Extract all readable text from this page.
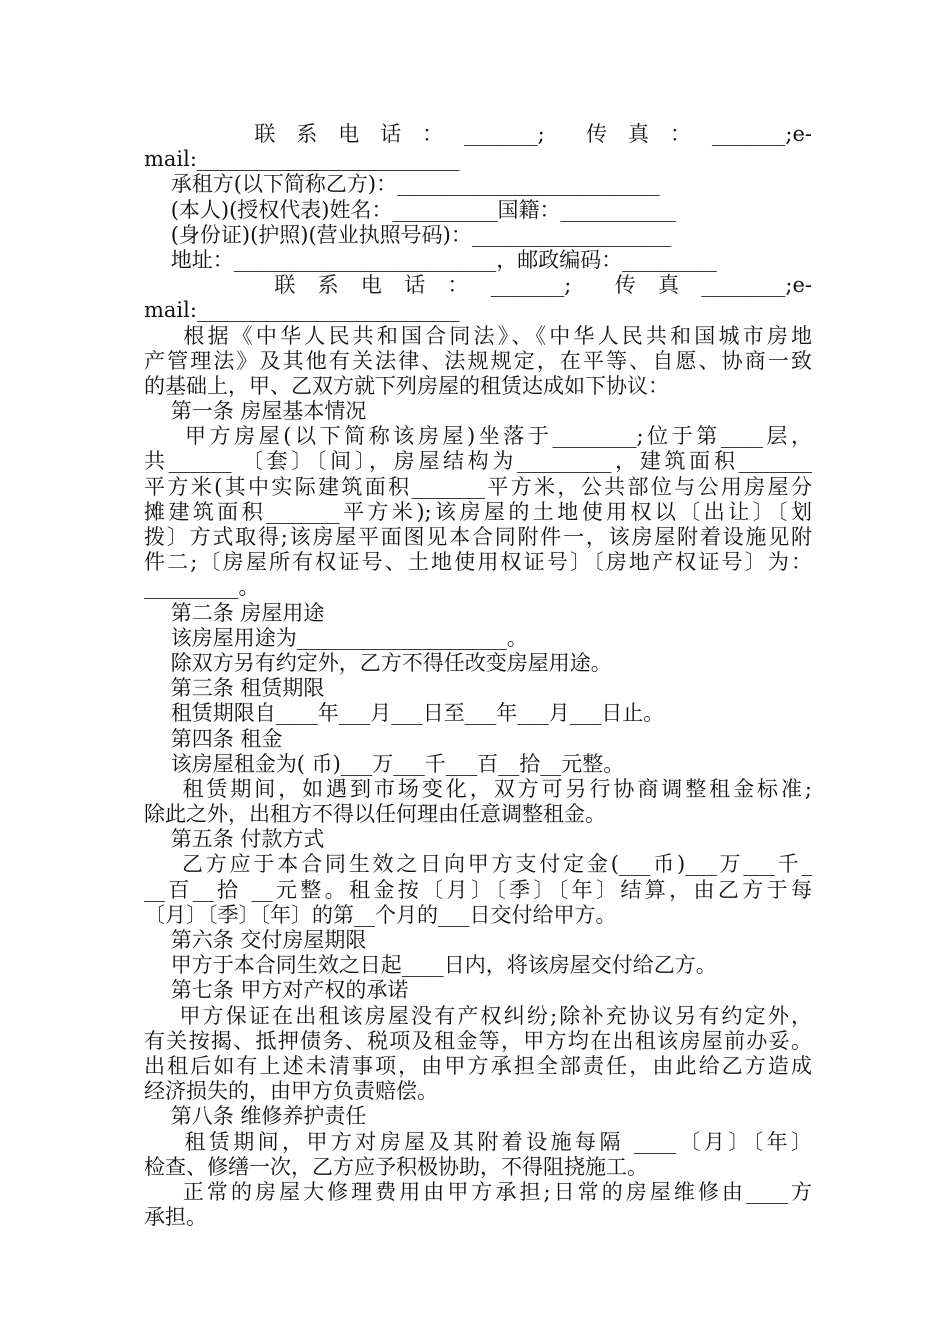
联 系 电 话 ： _______;   传 真 ： _______;e-
mail:_________________________
承租方(以下简称乙方)：_________________________
(本人)(授权代表)姓名：__________国籍：___________
(身份证)(护照)(营业执照号码)：___________________
地址：_________________________，邮政编码：_________
联 系 电 话 ： _______;   传 真 ________;e-
mail:_________________________
根据《中华人民共和国合同法》、《中华人民共和国城市房地
产管理法》及其他有关法律、法规规定，在平等、自愿、协商一致
的基础上，甲、乙双方就下列房屋的租赁达成如下协议：
第一条 房屋基本情况
甲方房屋(以下简称该房屋)坐落于________;位于第____层，
共______ 〔套〕〔间〕，房屋结构为_________，建筑面积_______
平方米(其中实际建筑面积_______平方米，公共部位与公用房屋分
摊建筑面积_______平方米);该房屋的土地使用权以〔出让〕〔划
拨〕方式取得;该房屋平面图见本合同附件一，该房屋附着设施见附
件二;〔房屋所有权证号、土地使用权证号〕〔房地产权证号〕为：
_________。
第二条 房屋用途
该房屋用途为____________________。
除双方另有约定外，乙方不得任改变房屋用途。
第三条 租赁期限
租赁期限自____年___月___日至___年___月___日止。
第四条 租金
该房屋租金为( 币)___万___千___百__拾__元整。
租赁期间，如遇到市场变化，双方可另行协商调整租金标准;
除此之外，出租方不得以任何理由任意调整租金。
第五条 付款方式
乙方应于本合同生效之日向甲方支付定金(___币)___万___千_
__百__拾 __元整。租金按〔月〕〔季〕〔年〕结算，由乙方于每
〔月〕〔季〕〔年〕的第__个月的___日交付给甲方。
第六条 交付房屋期限
甲方于本合同生效之日起____日内，将该房屋交付给乙方。
第七条 甲方对产权的承诺
甲方保证在出租该房屋没有产权纠纷;除补充协议另有约定外，
有关按揭、抵押债务、税项及租金等，甲方均在出租该房屋前办妥。
出租后如有上述未清事项，由甲方承担全部责任，由此给乙方造成
经济损失的，由甲方负责赔偿。
第八条 维修养护责任
租赁期间，甲方对房屋及其附着设施每隔 ____〔月〕〔年〕
检查、修缮一次，乙方应予积极协助，不得阻挠施工。
正常的房屋大修理费用由甲方承担;日常的房屋维修由____方
承担。
